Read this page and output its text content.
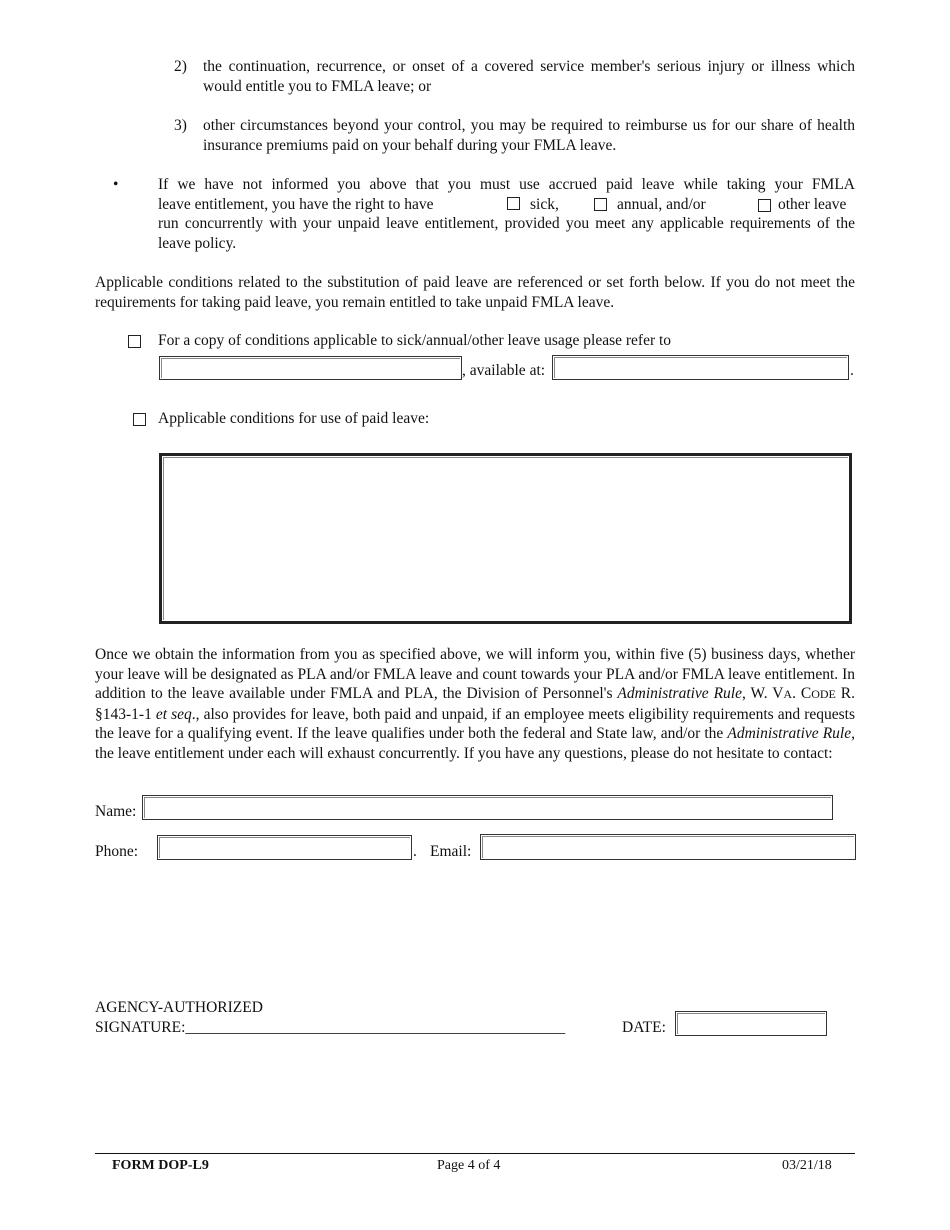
2) the continuation, recurrence, or onset of a covered service member's serious injury or illness which would entitle you to FMLA leave; or
3) other circumstances beyond your control, you may be required to reimburse us for our share of health insurance premiums paid on your behalf during your FMLA leave.
•	If we have not informed you above that you must use accrued paid leave while taking your FMLA
leave entitlement, you have the right to have	sick,	annual, and/or	other leave
run concurrently with your unpaid leave entitlement, provided you meet any applicable requirements of the leave policy.
Applicable conditions related to the substitution of paid leave are referenced or set forth below. If you do not meet the requirements for taking paid leave, you remain entitled to take unpaid FMLA leave.
For a copy of conditions applicable to sick/annual/other leave usage please refer to
, available at:	.
Applicable conditions for use of paid leave:
Once we obtain the information from you as specified above, we will inform you, within five (5) business days, whether your leave will be designated as PLA and/or FMLA leave and count towards your PLA and/or FMLA leave entitlement. In addition to the leave available under FMLA and PLA, the Division of Personnel's Administrative Rule, W. VA. CODE R. §143-1-1 et seq., also provides for leave, both paid and unpaid, if an employee meets eligibility requirements and requests the leave for a qualifying event. If the leave qualifies under both the federal and State law, and/or the Administrative Rule, the leave entitlement under each will exhaust concurrently. If you have any questions, please do not hesitate to contact:
Name:
Phone:	. Email:
AGENCY-AUTHORIZED
SIGNATURE:_________________________________________________	DATE:
FORM DOP-L9	Page 4 of 4	03/21/18
